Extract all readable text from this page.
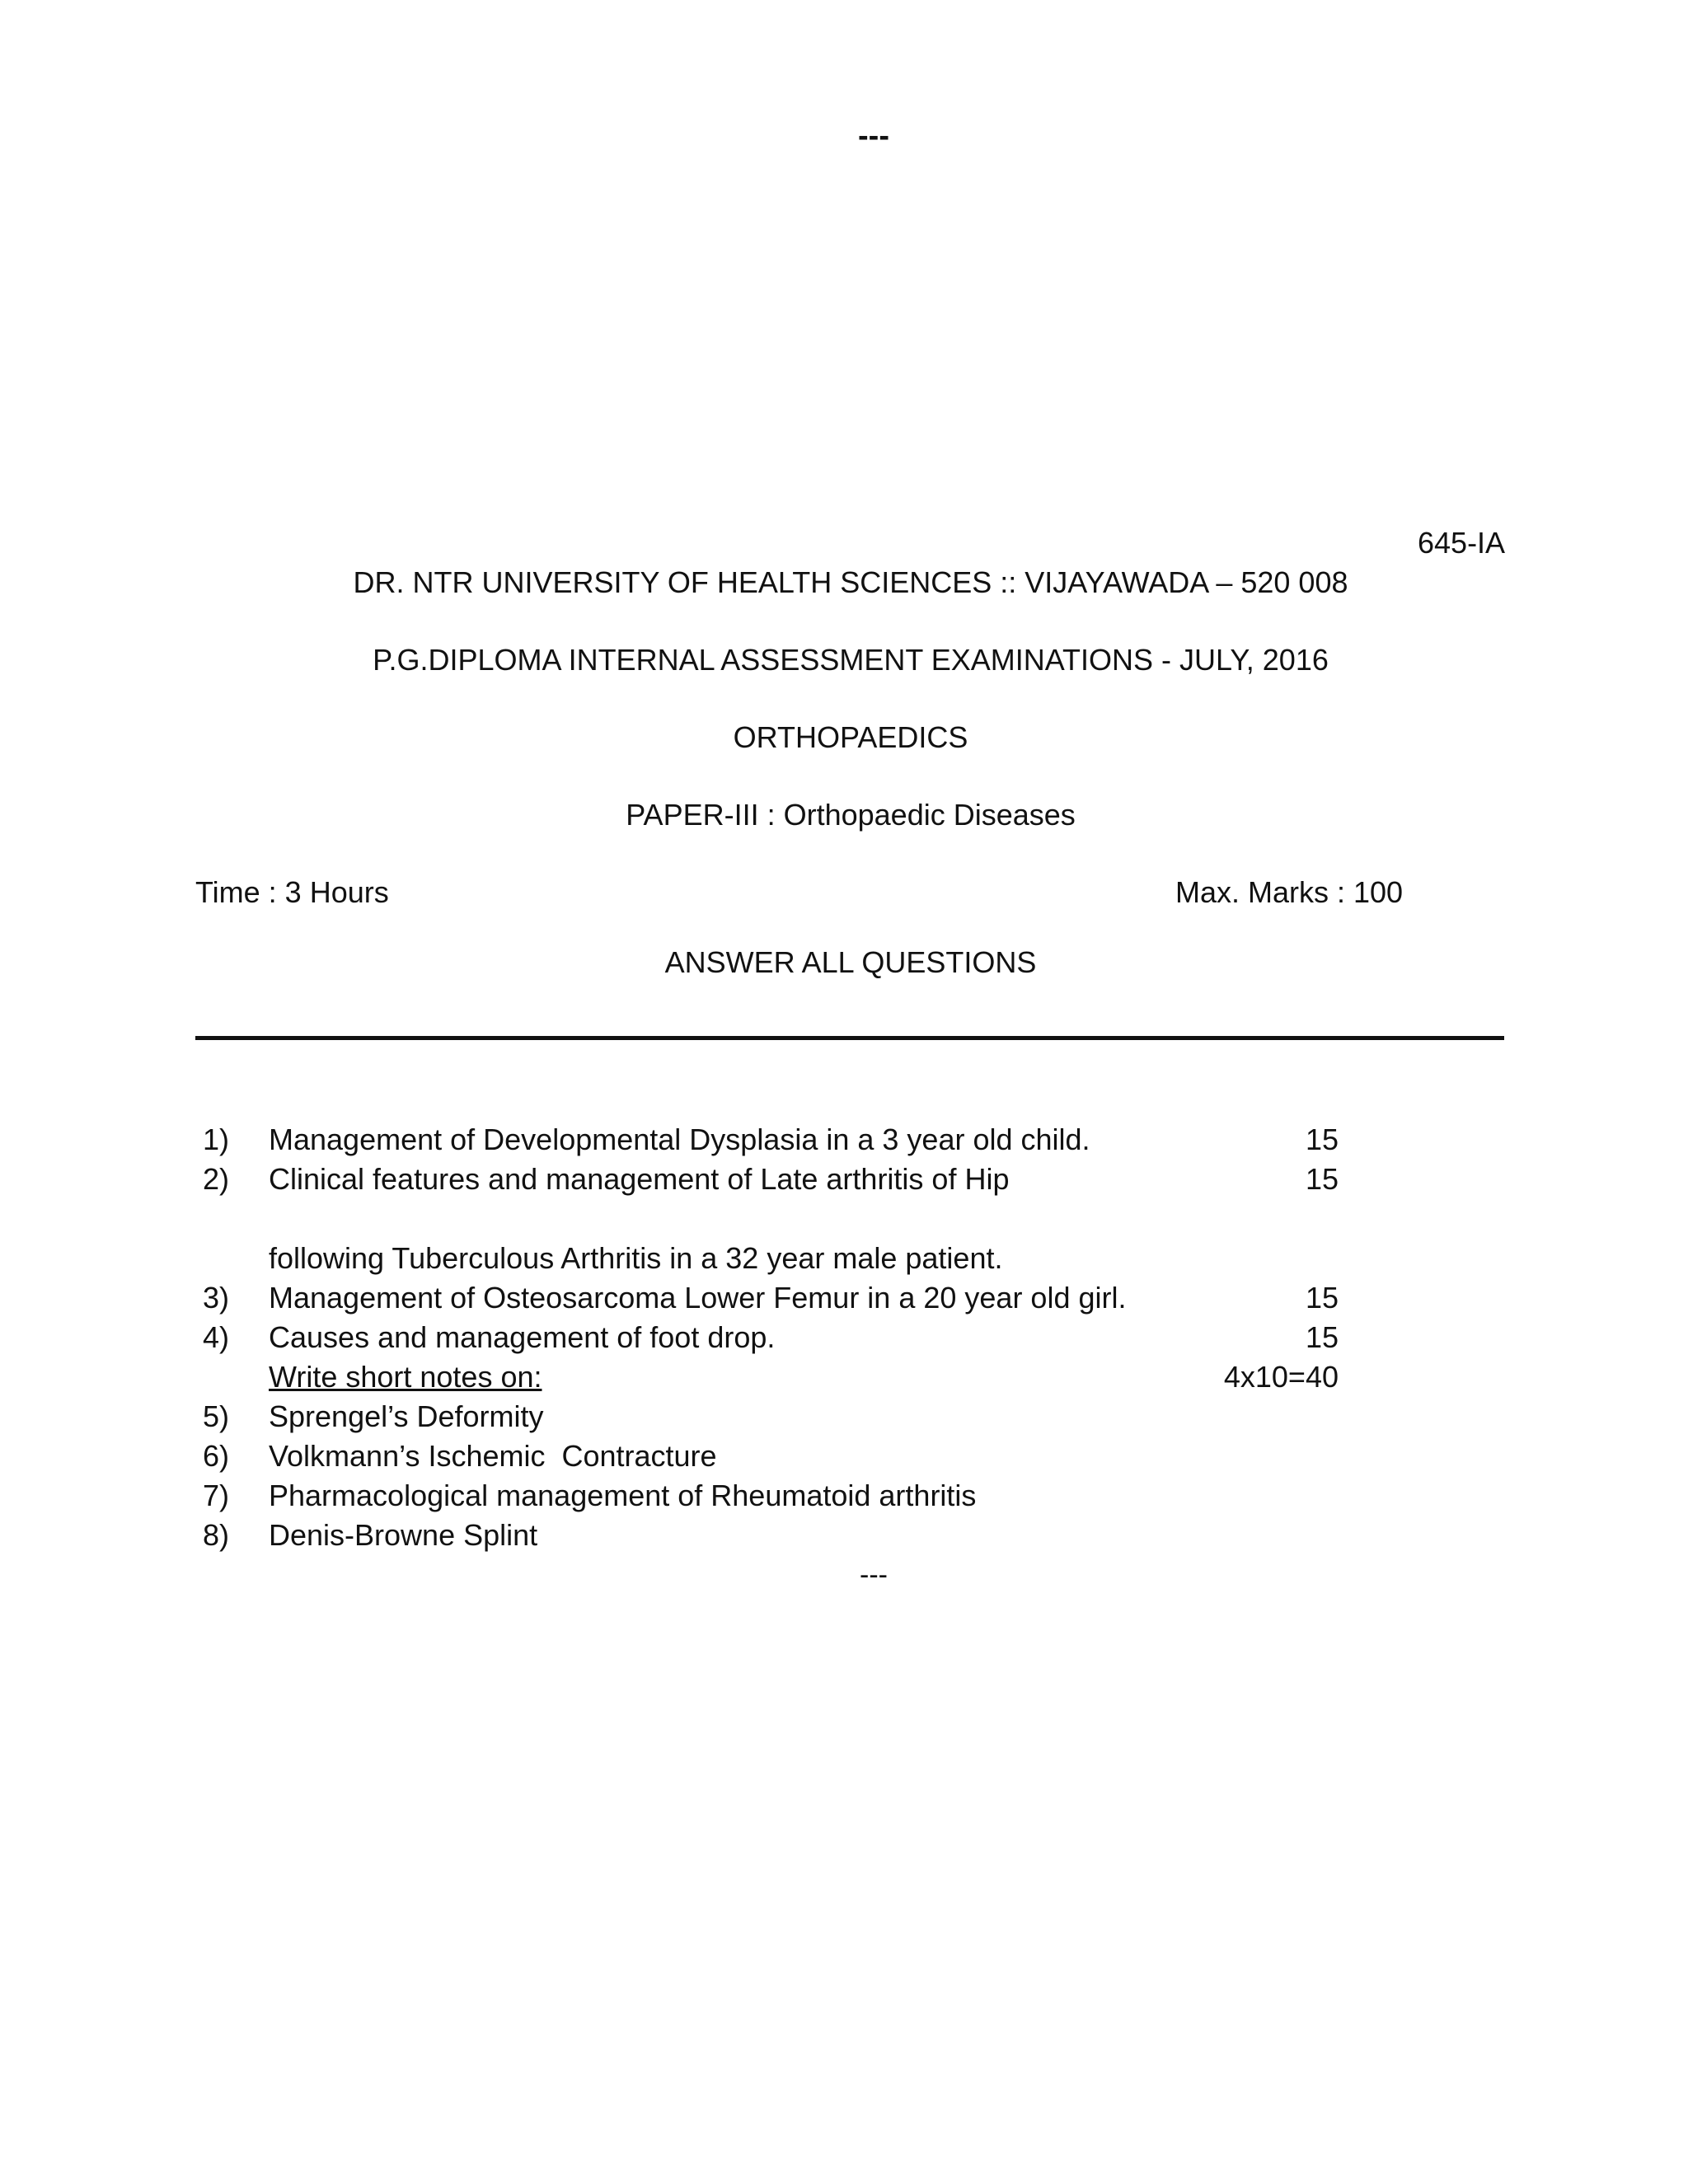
---
645-IA
DR. NTR UNIVERSITY OF HEALTH SCIENCES :: VIJAYAWADA – 520 008
P.G.DIPLOMA INTERNAL ASSESSMENT EXAMINATIONS - JULY, 2016
ORTHOPAEDICS
PAPER-III : Orthopaedic Diseases
Time : 3 Hours	Max. Marks : 100
ANSWER ALL QUESTIONS
1) Management of Developmental Dysplasia in a 3 year old child.	15
2) Clinical features and management of Late arthritis of Hip	15
following Tuberculous Arthritis in a 32 year male patient.
3) Management of Osteosarcoma Lower Femur in a 20 year old girl.	15
4) Causes and management of foot drop.	15
Write short notes on:	4x10=40
5) Sprengel’s Deformity
6) Volkmann’s Ischemic  Contracture
7) Pharmacological management of Rheumatoid arthritis
8) Denis-Browne Splint
---
